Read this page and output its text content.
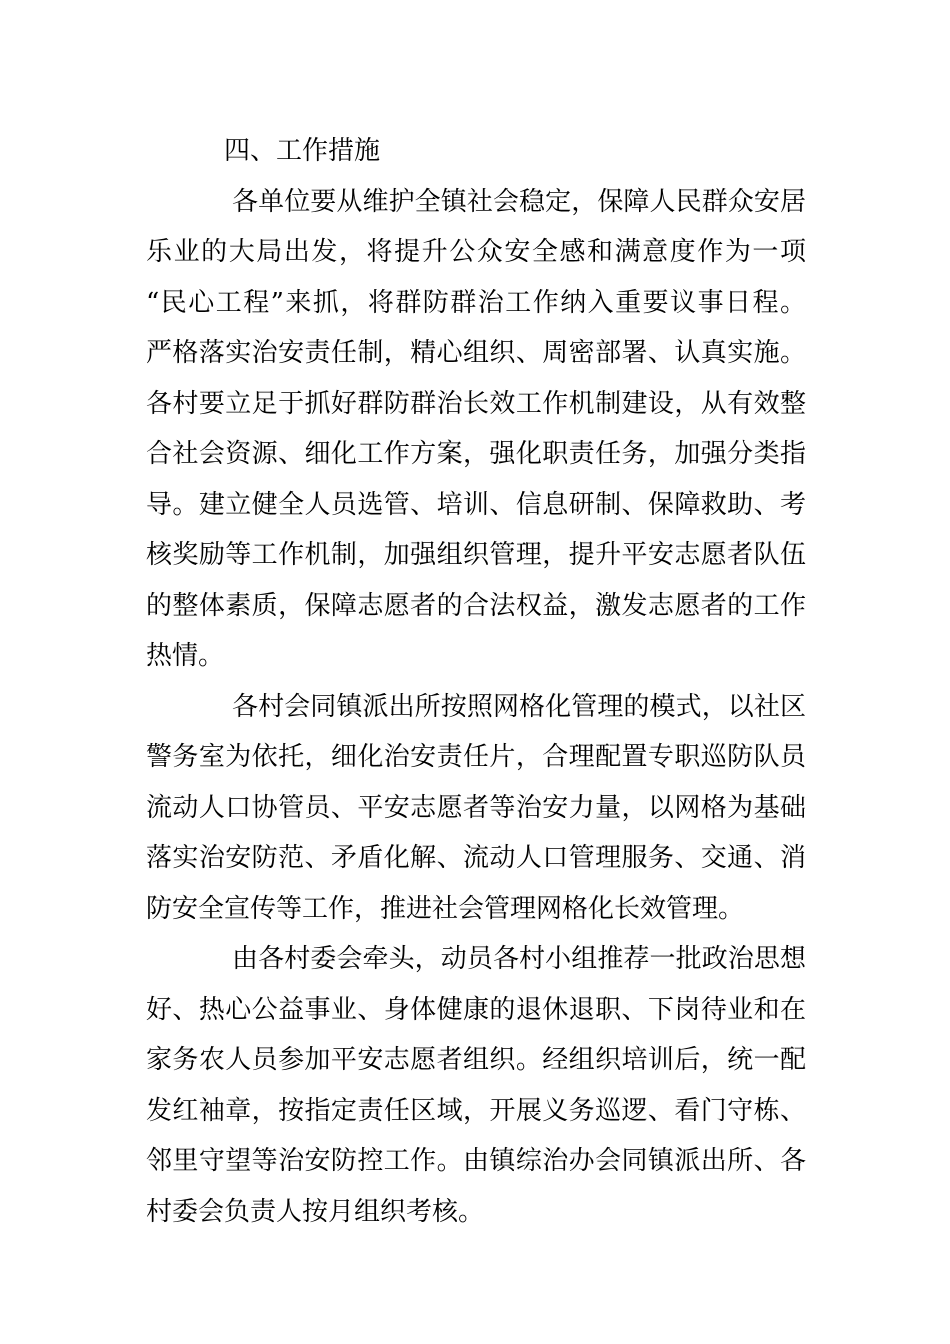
四、工作措施

各单位要从维护全镇社会稳定，保障人民群众安居
乐业的大局出发，将提升公众安全感和满意度作为一项
“民心工程”来抓，将群防群治工作纳入重要议事日程。
严格落实治安责任制，精心组织、周密部署、认真实施。
各村要立足于抓好群防群治长效工作机制建设，从有效整
合社会资源、细化工作方案，强化职责任务，加强分类指
导。建立健全人员选管、培训、信息研制、保障救助、考
核奖励等工作机制，加强组织管理，提升平安志愿者队伍
的整体素质，保障志愿者的合法权益，激发志愿者的工作
热情。
各村会同镇派出所按照网格化管理的模式，以社区
警务室为依托，细化治安责任片，合理配置专职巡防队员
流动人口协管员、平安志愿者等治安力量，以网格为基础
落实治安防范、矛盾化解、流动人口管理服务、交通、消
防安全宣传等工作，推进社会管理网格化长效管理。
由各村委会牵头，动员各村小组推荐一批政治思想
好、热心公益事业、身体健康的退休退职、下岗待业和在
家务农人员参加平安志愿者组织。经组织培训后，统一配
发红袖章，按指定责任区域，开展义务巡逻、看门守栋、
邻里守望等治安防控工作。由镇综治办会同镇派出所、各
村委会负责人按月组织考核。
